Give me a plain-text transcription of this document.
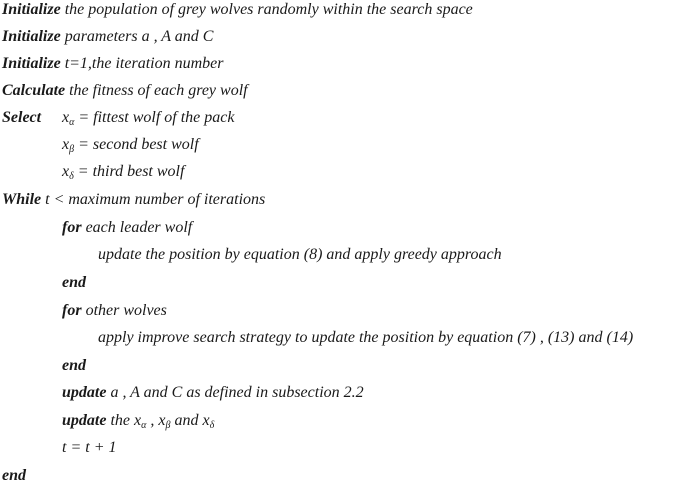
Initialize the population of grey wolves randomly within the search space
Initialize parameters a , A and C
Initialize t=1,the iteration number
Calculate the fitness of each grey wolf
Select $x_\alpha$ = fittest wolf of the pack
$x_\beta$ = second best wolf
$x_\delta$ = third best wolf
While t < maximum number of iterations
for each leader wolf
update the position by equation (8) and apply greedy approach
end
for other wolves
apply improve search strategy to update the position by equation (7) , (13) and (14)
end
update a , A and C as defined in subsection 2.2
update the $x_\alpha$ , $x_\beta$ and $x_\delta$
t = t + 1
end
